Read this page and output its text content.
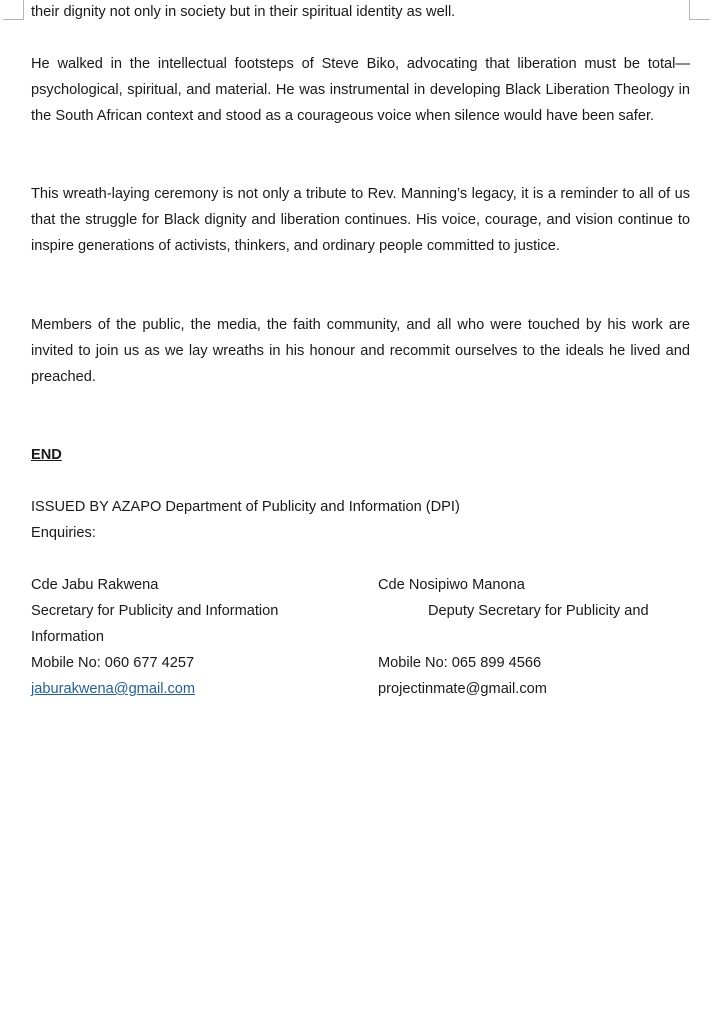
their dignity not only in society but in their spiritual identity as well.

He walked in the intellectual footsteps of Steve Biko, advocating that liberation must be total—psychological, spiritual, and material. He was instrumental in developing Black Liberation Theology in the South African context and stood as a courageous voice when silence would have been safer.

This wreath-laying ceremony is not only a tribute to Rev. Manning’s legacy, it is a reminder to all of us that the struggle for Black dignity and liberation continues. His voice, courage, and vision continue to inspire generations of activists, thinkers, and ordinary people committed to justice.

Members of the public, the media, the faith community, and all who were touched by his work are invited to join us as we lay wreaths in his honour and recommit ourselves to the ideals he lived and preached.

END
ISSUED BY AZAPO Department of Publicity and Information (DPI)
Enquiries:
Cde Jabu Rakwena
Secretary for Publicity and Information
Information
Mobile No: 060 677 4257
jaburakwena@gmail.com
Cde Nosipiwo Manona
Deputy Secretary for Publicity and
Mobile No: 065 899 4566
projectinmate@gmail.com
